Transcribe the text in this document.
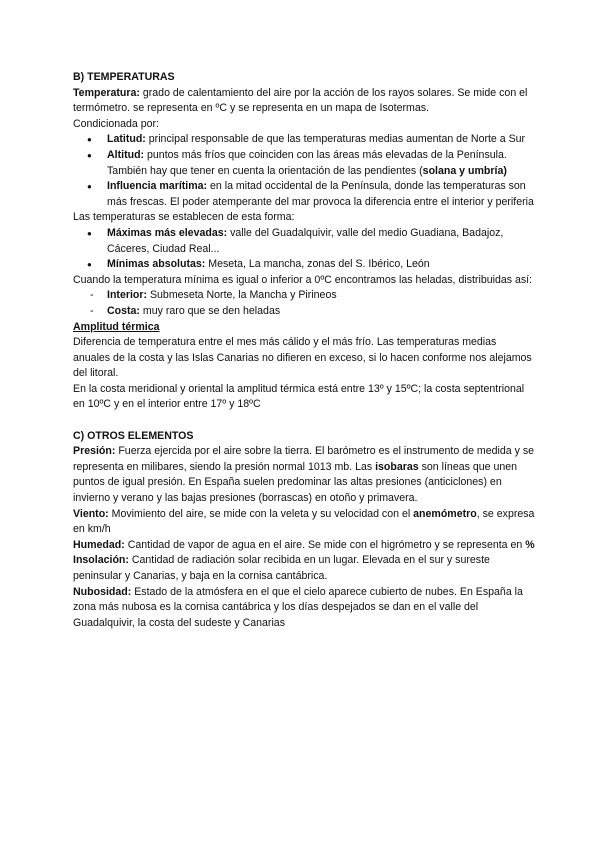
B) TEMPERATURAS

Temperatura: grado de calentamiento del aire por la acción de los rayos solares. Se mide con el termómetro. se representa en ºC y se representa en un mapa de Isotermas.

Condicionada por:

● Latitud: principal responsable de que las temperaturas medias aumentan de Norte a Sur
● Altitud: puntos más fríos que coinciden con las áreas más elevadas de la Península. También hay que tener en cuenta la orientación de las pendientes (solana y umbría)
● Influencia marítima: en la mitad occidental de la Península, donde las temperaturas son más frescas. El poder atemperante del mar provoca la diferencia entre el interior y periferia

Las temperaturas se establecen de esta forma:

● Máximas más elevadas: valle del Guadalquivir, valle del medio Guadiana, Badajoz, Cáceres, Ciudad Real...
● Mínimas absolutas: Meseta, La mancha, zonas del S. Ibérico, León

Cuando la temperatura mínima es igual o inferior a 0ºC encontramos las heladas, distribuidas así:

- Interior: Submeseta Norte, la Mancha y Pirineos
- Costa: muy raro que se den heladas

Amplitud térmica

Diferencia de temperatura entre el mes más cálido y el más frío. Las temperaturas medias anuales de la costa y las Islas Canarias no difieren en exceso, si lo hacen conforme nos alejamos del litoral.

En la costa meridional y oriental la amplitud térmica está entre 13º y 15ºC; la costa septentrional en 10ºC y en el interior entre 17º y 18ºC

C) OTROS ELEMENTOS

Presión: Fuerza ejercida por el aire sobre la tierra. El barómetro es el instrumento de medida y se representa en milibares, siendo la presión normal 1013 mb. Las isobaras son líneas que unen puntos de igual presión. En España suelen predominar las altas presiones (anticiclones) en invierno y verano y las bajas presiones (borrascas) en otoño y primavera.

Viento: Movimiento del aire, se mide con la veleta y su velocidad con el anemómetro, se expresa en km/h

Humedad: Cantidad de vapor de agua en el aire. Se mide con el higrómetro y se representa en %

Insolación: Cantidad de radiación solar recibida en un lugar. Elevada en el sur y sureste peninsular y Canarias, y baja en la cornisa cantábrica.

Nubosidad: Estado de la atmósfera en el que el cielo aparece cubierto de nubes. En España la zona más nubosa es la cornisa cantábrica y los días despejados se dan en el valle del Guadalquivir, la costa del sudeste y Canarias
